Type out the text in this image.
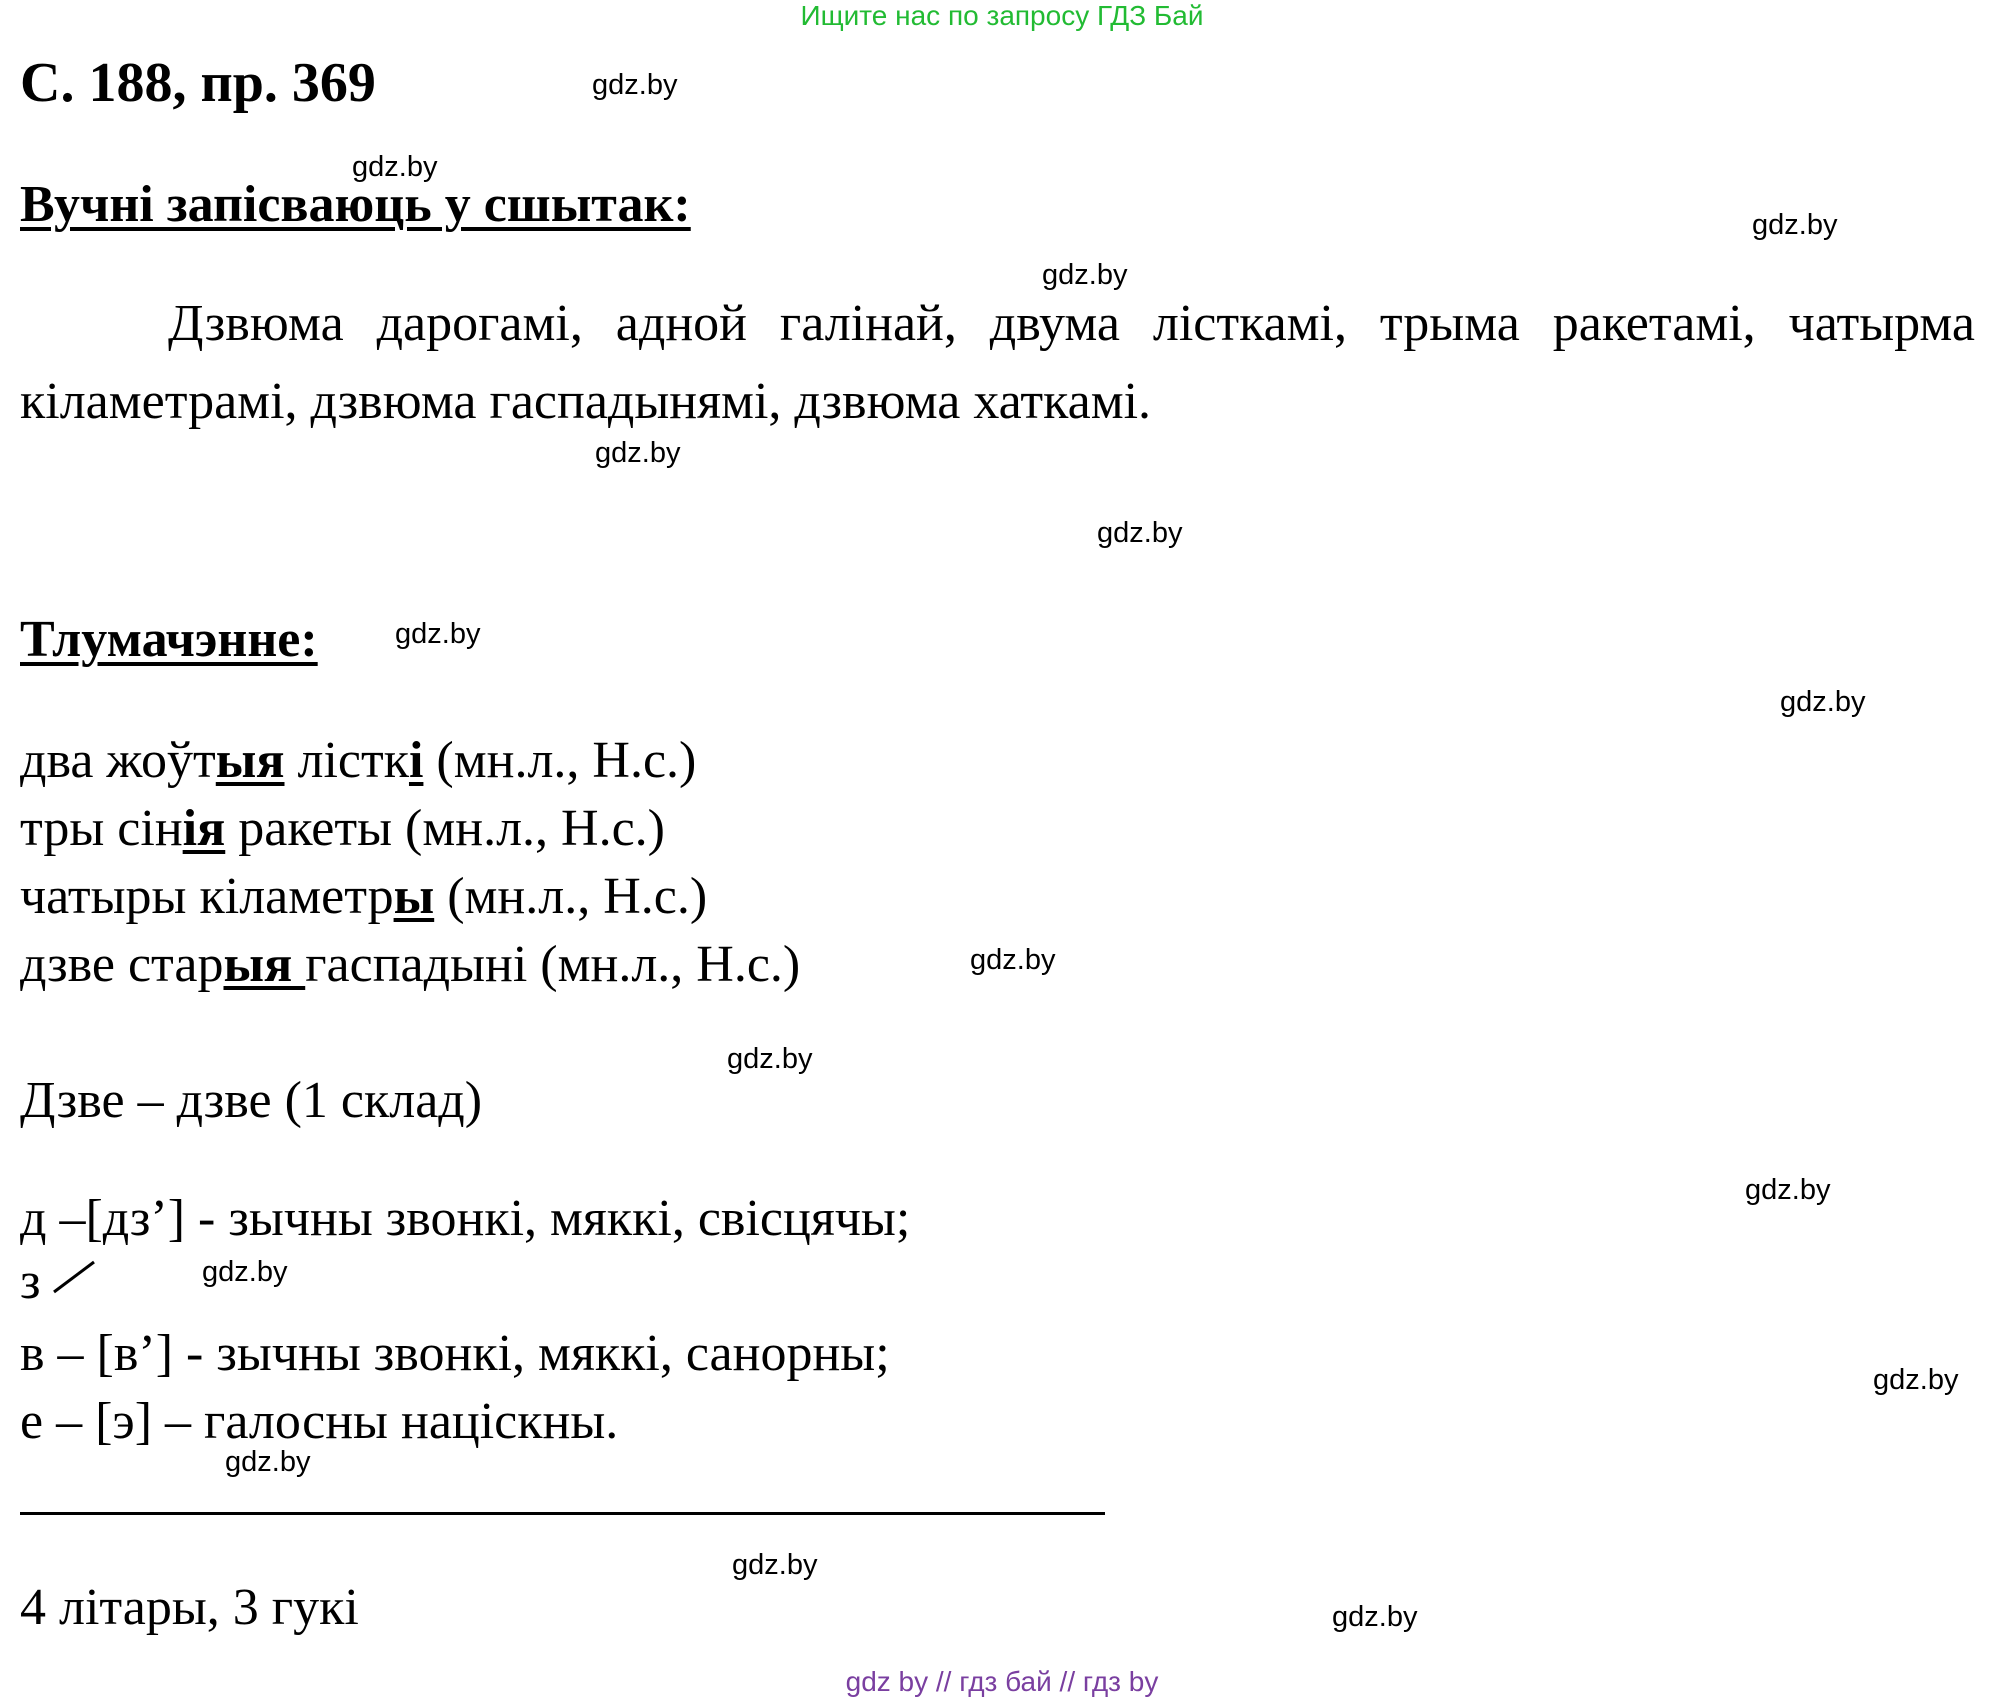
Ищите нас по запросу ГДЗ Бай
С. 188, пр. 369
Вучні запісваюць у сшытак:
Дзвюма дарогамі, адной галінай, двума лісткамі, трыма ракетамі, чатырма кіламетрамі, дзвюма гаспадынямі, дзвюма хаткамі.
Тлумачэнне:
два жоўтыя лісткі (мн.л., Н.с.)
тры сінія ракеты (мн.л., Н.с.)
чатыры кіламетры (мн.л., Н.с.)
дзве старыя гаспадыні (мн.л., Н.с.)
Дзве – дзве (1 склад)
д –[дз’] - зычны звонкі, мяккі, свісцячы;
з
в – [в’] - зычны звонкі, мяккі, санорны;
е – [э] – галосны націскны.
4 літары, 3 гукі
gdz.by
gdz.by
gdz.by
gdz.by
gdz.by
gdz.by
gdz.by
gdz.by
gdz.by
gdz.by
gdz.by
gdz.by
gdz.by
gdz.by
gdz.by
gdz.by
gdz by // гдз бай // гдз by
